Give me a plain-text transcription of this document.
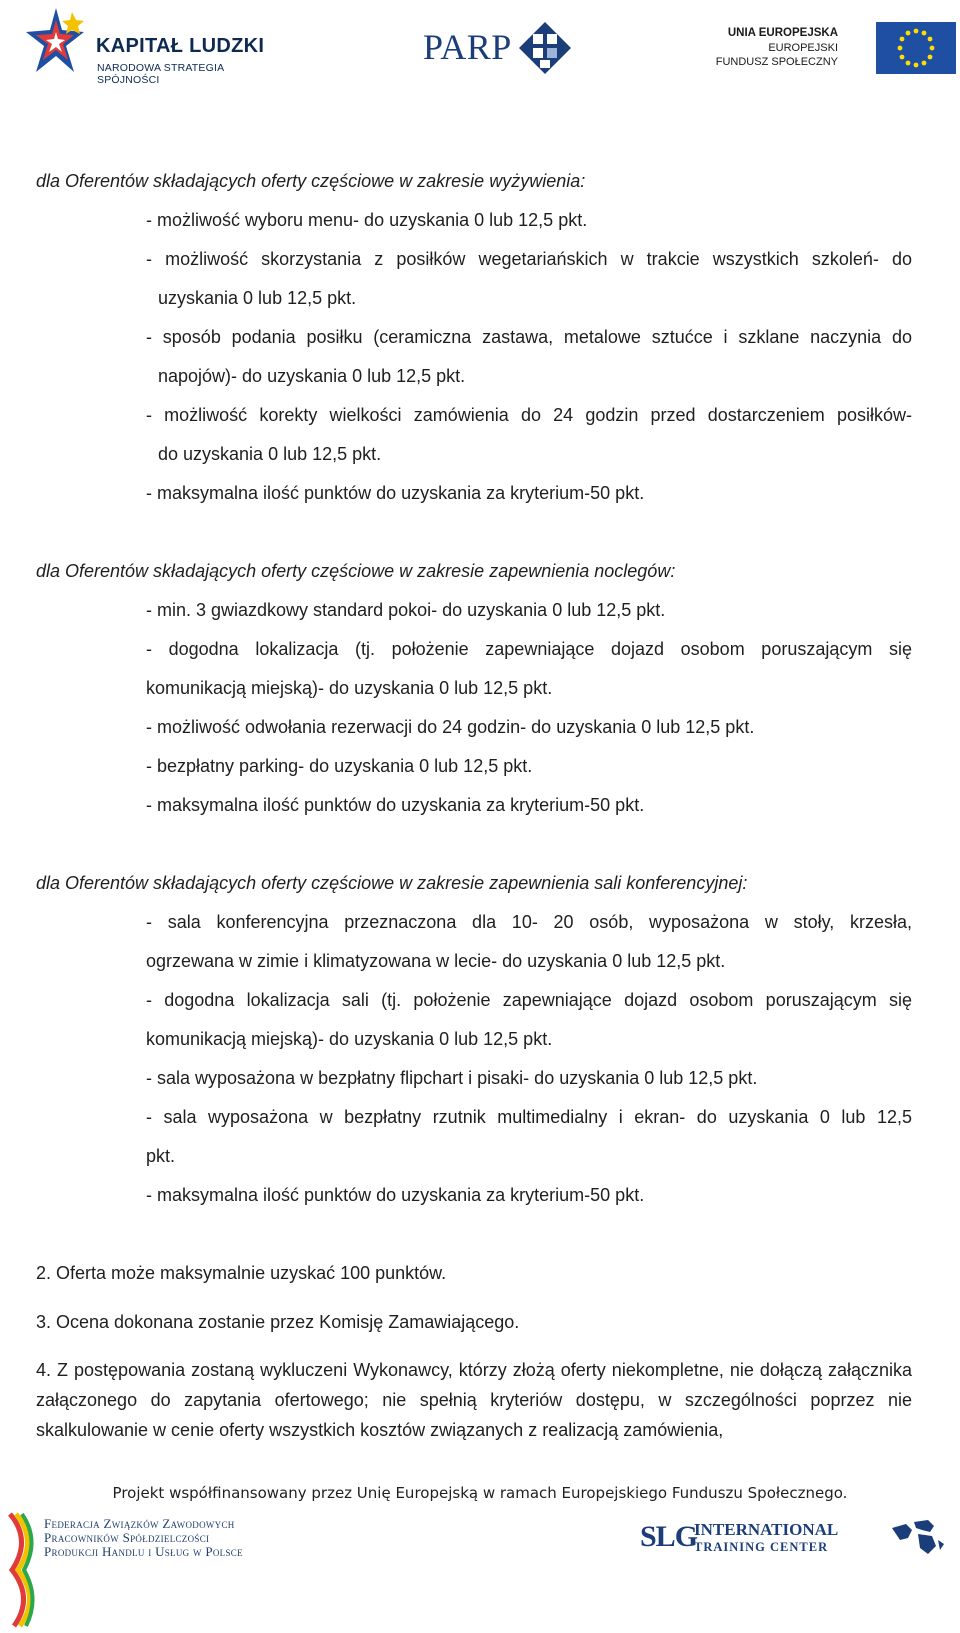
KAPITAŁ LUDZKI
NARODOWA STRATEGIA SPÓJNOŚCI
PARP	UNIA EUROPEJSKA
EUROPEJSKI
FUNDUSZ SPOŁECZNY
dla Oferentów składających oferty częściowe w zakresie wyżywienia:
- możliwość wyboru menu- do uzyskania 0 lub 12,5 pkt.
- możliwość skorzystania z posiłków wegetariańskich w trakcie wszystkich szkoleń- do
uzyskania 0 lub 12,5 pkt.
- sposób podania posiłku (ceramiczna zastawa, metalowe sztućce i szklane naczynia do
napojów)- do uzyskania 0 lub 12,5 pkt.
- możliwość korekty wielkości zamówienia do 24 godzin przed dostarczeniem posiłków-
do uzyskania 0 lub 12,5 pkt.
- maksymalna ilość punktów do uzyskania za kryterium-50 pkt.
dla Oferentów składających oferty częściowe w zakresie zapewnienia noclegów:
- min. 3 gwiazdkowy standard pokoi- do uzyskania 0 lub 12,5 pkt.
- dogodna lokalizacja (tj. położenie zapewniające dojazd osobom poruszającym się
komunikacją miejską)- do uzyskania 0 lub 12,5 pkt.
- możliwość odwołania rezerwacji do 24 godzin- do uzyskania 0 lub 12,5 pkt.
- bezpłatny parking- do uzyskania 0 lub 12,5 pkt.
- maksymalna ilość punktów do uzyskania za kryterium-50 pkt.
dla Oferentów składających oferty częściowe w zakresie zapewnienia sali konferencyjnej:
- sala konferencyjna przeznaczona dla 10- 20 osób, wyposażona w stoły, krzesła,
ogrzewana w zimie i klimatyzowana w lecie- do uzyskania 0 lub 12,5 pkt.
- dogodna lokalizacja sali (tj. położenie zapewniające dojazd osobom poruszającym się
komunikacją miejską)- do uzyskania 0 lub 12,5 pkt.
- sala wyposażona w bezpłatny flipchart i pisaki- do uzyskania 0 lub 12,5 pkt.
- sala wyposażona w bezpłatny rzutnik multimedialny i ekran- do uzyskania 0 lub 12,5
pkt.
- maksymalna ilość punktów do uzyskania za kryterium-50 pkt.
2. Oferta może maksymalnie uzyskać 100 punktów.
3. Ocena dokonana zostanie przez Komisję Zamawiającego.
4. Z postępowania zostaną wykluczeni Wykonawcy, którzy złożą oferty niekompletne, nie dołączą załącznika załączonego do zapytania ofertowego; nie spełnią kryteriów dostępu, w szczególności poprzez nie skalkulowanie w cenie oferty wszystkich kosztów związanych z realizacją zamówienia,
Projekt współfinansowany przez Unię Europejską w ramach Europejskiego Funduszu Społecznego.
Federacja Związków Zawodowych
Pracowników Spółdzielczości
Produkcji Handlu i Usług w Polsce	SLG
INTERNATIONAL
TRAINING CENTER
